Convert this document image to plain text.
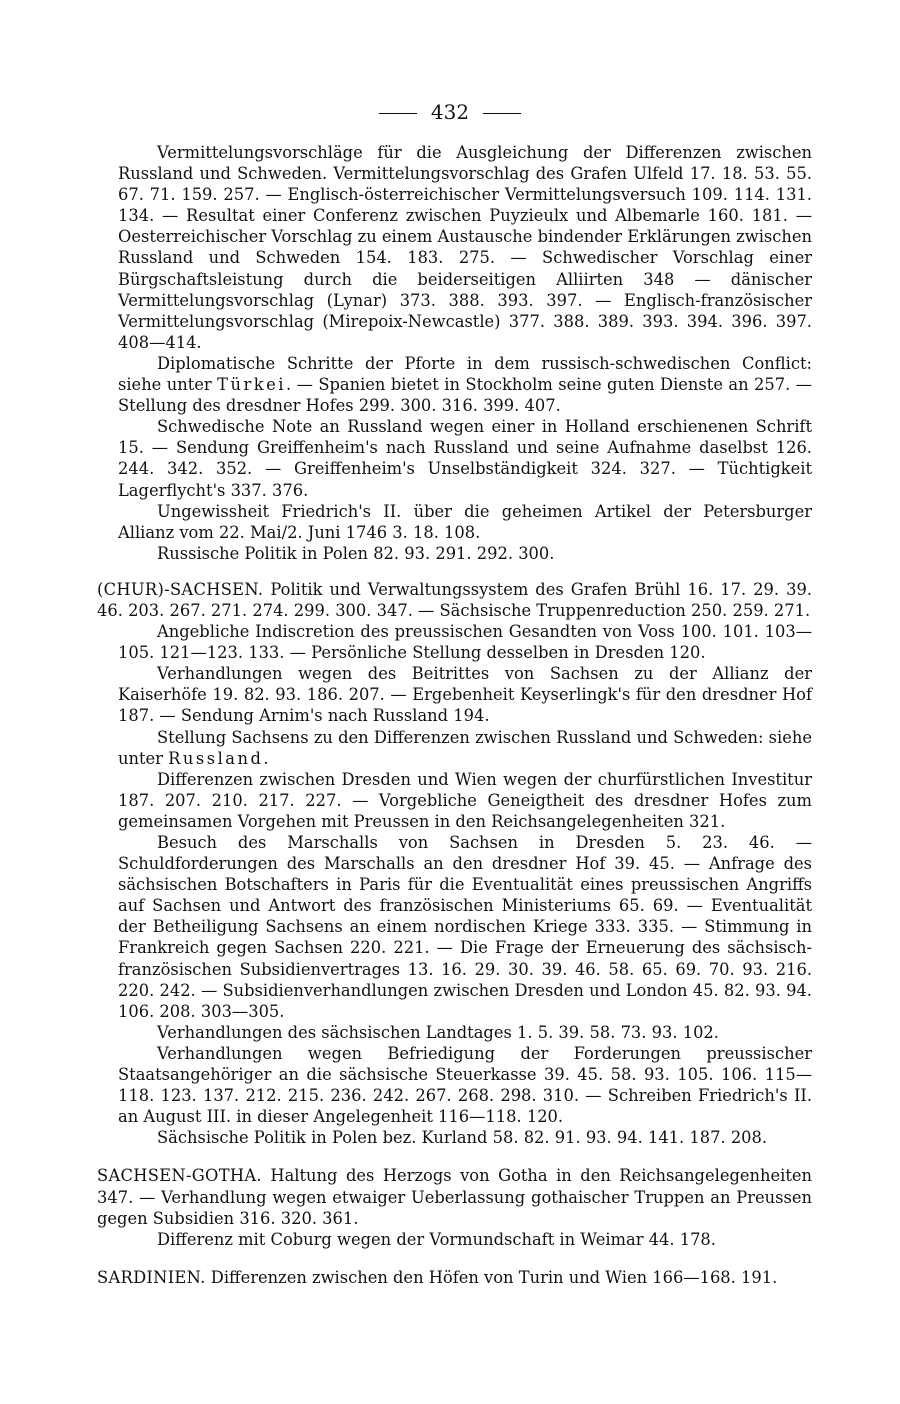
432

Vermittelungsvorschläge für die Ausgleichung der Differenzen zwischen Russland und Schweden. Vermittelungsvorschlag des Grafen Ulfeld 17. 18. 53. 55. 67. 71. 159. 257. — Englisch-österreichischer Vermittelungsversuch 109. 114. 131. 134. — Resultat einer Conferenz zwischen Puyzieulx und Albemarle 160. 181. — Oesterreichischer Vorschlag zu einem Austausche bindender Erklärungen zwischen Russland und Schweden 154. 183. 275. — Schwedischer Vorschlag einer Bürgschaftsleistung durch die beiderseitigen Alliirten 348 — dänischer Vermittelungsvorschlag (Lynar) 373. 388. 393. 397. — Englisch-französischer Vermittelungsvorschlag (Mirepoix-Newcastle) 377. 388. 389. 393. 394. 396. 397. 408—414.

Diplomatische Schritte der Pforte in dem russisch-schwedischen Conflict: siehe unter Türkei. — Spanien bietet in Stockholm seine guten Dienste an 257. — Stellung des dresdner Hofes 299. 300. 316. 399. 407.

Schwedische Note an Russland wegen einer in Holland erschienenen Schrift 15. — Sendung Greiffenheim's nach Russland und seine Aufnahme daselbst 126. 244. 342. 352. — Greiffenheim's Unselbständigkeit 324. 327. — Tüchtigkeit Lagerflycht's 337. 376.

Ungewissheit Friedrich's II. über die geheimen Artikel der Petersburger Allianz vom 22. Mai/2. Juni 1746 3. 18. 108.

Russische Politik in Polen 82. 93. 291. 292. 300.

(CHUR)-SACHSEN. Politik und Verwaltungssystem des Grafen Brühl 16. 17. 29. 39. 46. 203. 267. 271. 274. 299. 300. 347. — Sächsische Truppenreduction 250. 259. 271.

Angebliche Indiscretion des preussischen Gesandten von Voss 100. 101. 103—105. 121—123. 133. — Persönliche Stellung desselben in Dresden 120.

Verhandlungen wegen des Beitrittes von Sachsen zu der Allianz der Kaiserhöfe 19. 82. 93. 186. 207. — Ergebenheit Keyserlingk's für den dresdner Hof 187. — Sendung Arnim's nach Russland 194.

Stellung Sachsens zu den Differenzen zwischen Russland und Schweden: siehe unter Russland.

Differenzen zwischen Dresden und Wien wegen der churfürstlichen Investitur 187. 207. 210. 217. 227. — Vorgebliche Geneigtheit des dresdner Hofes zum gemeinsamen Vorgehen mit Preussen in den Reichsangelegenheiten 321.

Besuch des Marschalls von Sachsen in Dresden 5. 23. 46. — Schuldforderungen des Marschalls an den dresdner Hof 39. 45. — Anfrage des sächsischen Botschafters in Paris für die Eventualität eines preussischen Angriffs auf Sachsen und Antwort des französischen Ministeriums 65. 69. — Eventualität der Betheiligung Sachsens an einem nordischen Kriege 333. 335. — Stimmung in Frankreich gegen Sachsen 220. 221. — Die Frage der Erneuerung des sächsisch-französischen Subsidienvertrages 13. 16. 29. 30. 39. 46. 58. 65. 69. 70. 93. 216. 220. 242. — Subsidienverhandlungen zwischen Dresden und London 45. 82. 93. 94. 106. 208. 303—305.

Verhandlungen des sächsischen Landtages 1. 5. 39. 58. 73. 93. 102.

Verhandlungen wegen Befriedigung der Forderungen preussischer Staatsangehöriger an die sächsische Steuerkasse 39. 45. 58. 93. 105. 106. 115—118. 123. 137. 212. 215. 236. 242. 267. 268. 298. 310. — Schreiben Friedrich's II. an August III. in dieser Angelegenheit 116—118. 120.

Sächsische Politik in Polen bez. Kurland 58. 82. 91. 93. 94. 141. 187. 208.

SACHSEN-GOTHA. Haltung des Herzogs von Gotha in den Reichsangelegenheiten 347. — Verhandlung wegen etwaiger Ueberlassung gothaischer Truppen an Preussen gegen Subsidien 316. 320. 361.

Differenz mit Coburg wegen der Vormundschaft in Weimar 44. 178.

SARDINIEN. Differenzen zwischen den Höfen von Turin und Wien 166—168. 191.
